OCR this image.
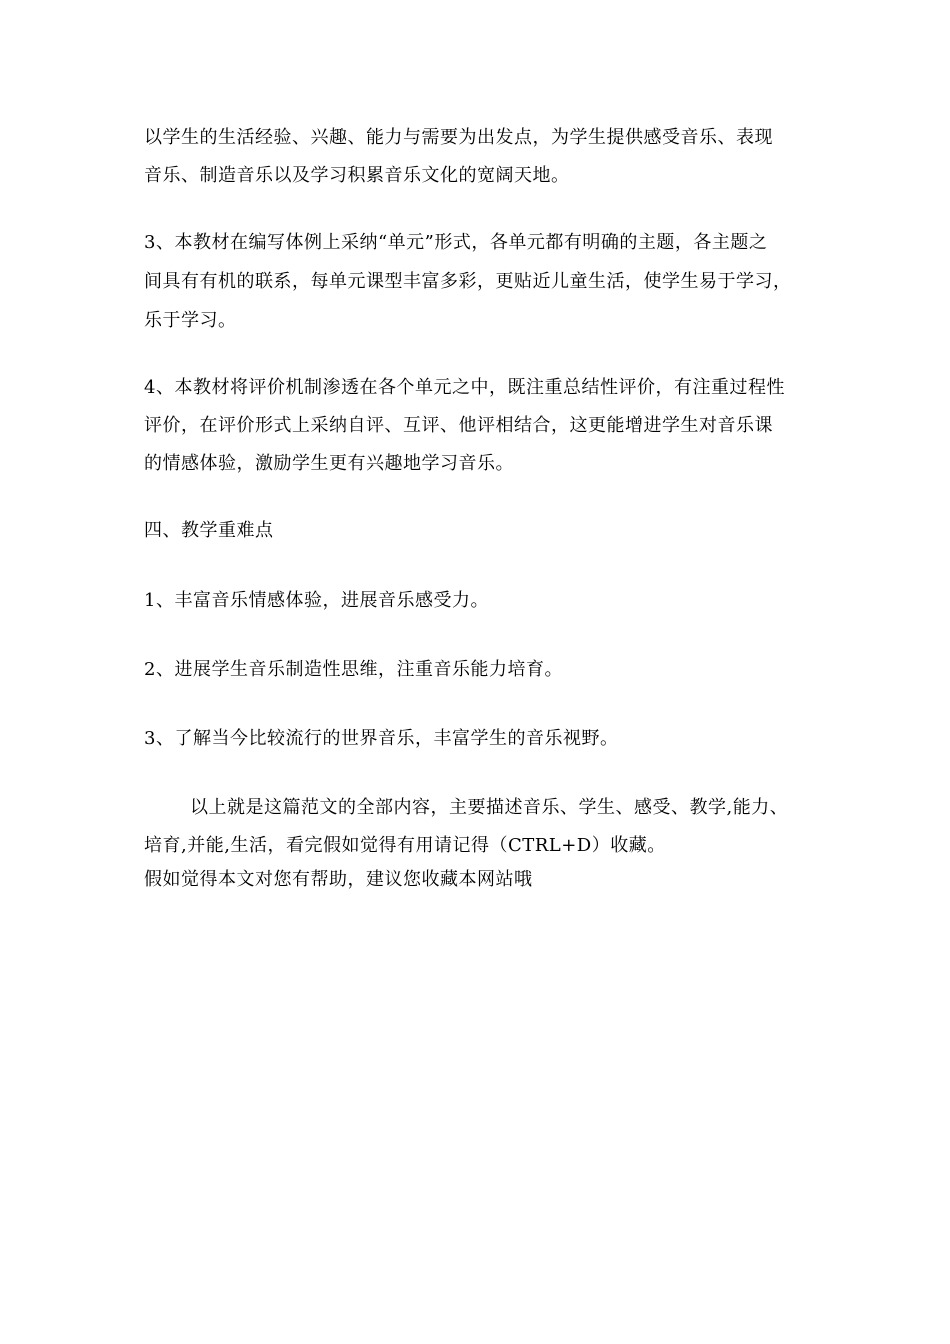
以学生的生活经验、兴趣、能力与需要为出发点，为学生提供感受音乐、表现
音乐、制造音乐以及学习积累音乐文化的宽阔天地。
3、本教材在编写体例上采纳“单元”形式，各单元都有明确的主题，各主题之
间具有有机的联系，每单元课型丰富多彩，更贴近儿童生活，使学生易于学习，
乐于学习。
4、本教材将评价机制渗透在各个单元之中，既注重总结性评价，有注重过程性
评价，在评价形式上采纳自评、互评、他评相结合，这更能增进学生对音乐课
的情感体验，激励学生更有兴趣地学习音乐。
四、教学重难点
1、丰富音乐情感体验，进展音乐感受力。
2、进展学生音乐制造性思维，注重音乐能力培育。
3、了解当今比较流行的世界音乐，丰富学生的音乐视野。
以上就是这篇范文的全部内容，主要描述音乐、学生、感受、教学,能力、
培育,并能,生活，看完假如觉得有用请记得（CTRL+D）收藏。
假如觉得本文对您有帮助，建议您收藏本网站哦
